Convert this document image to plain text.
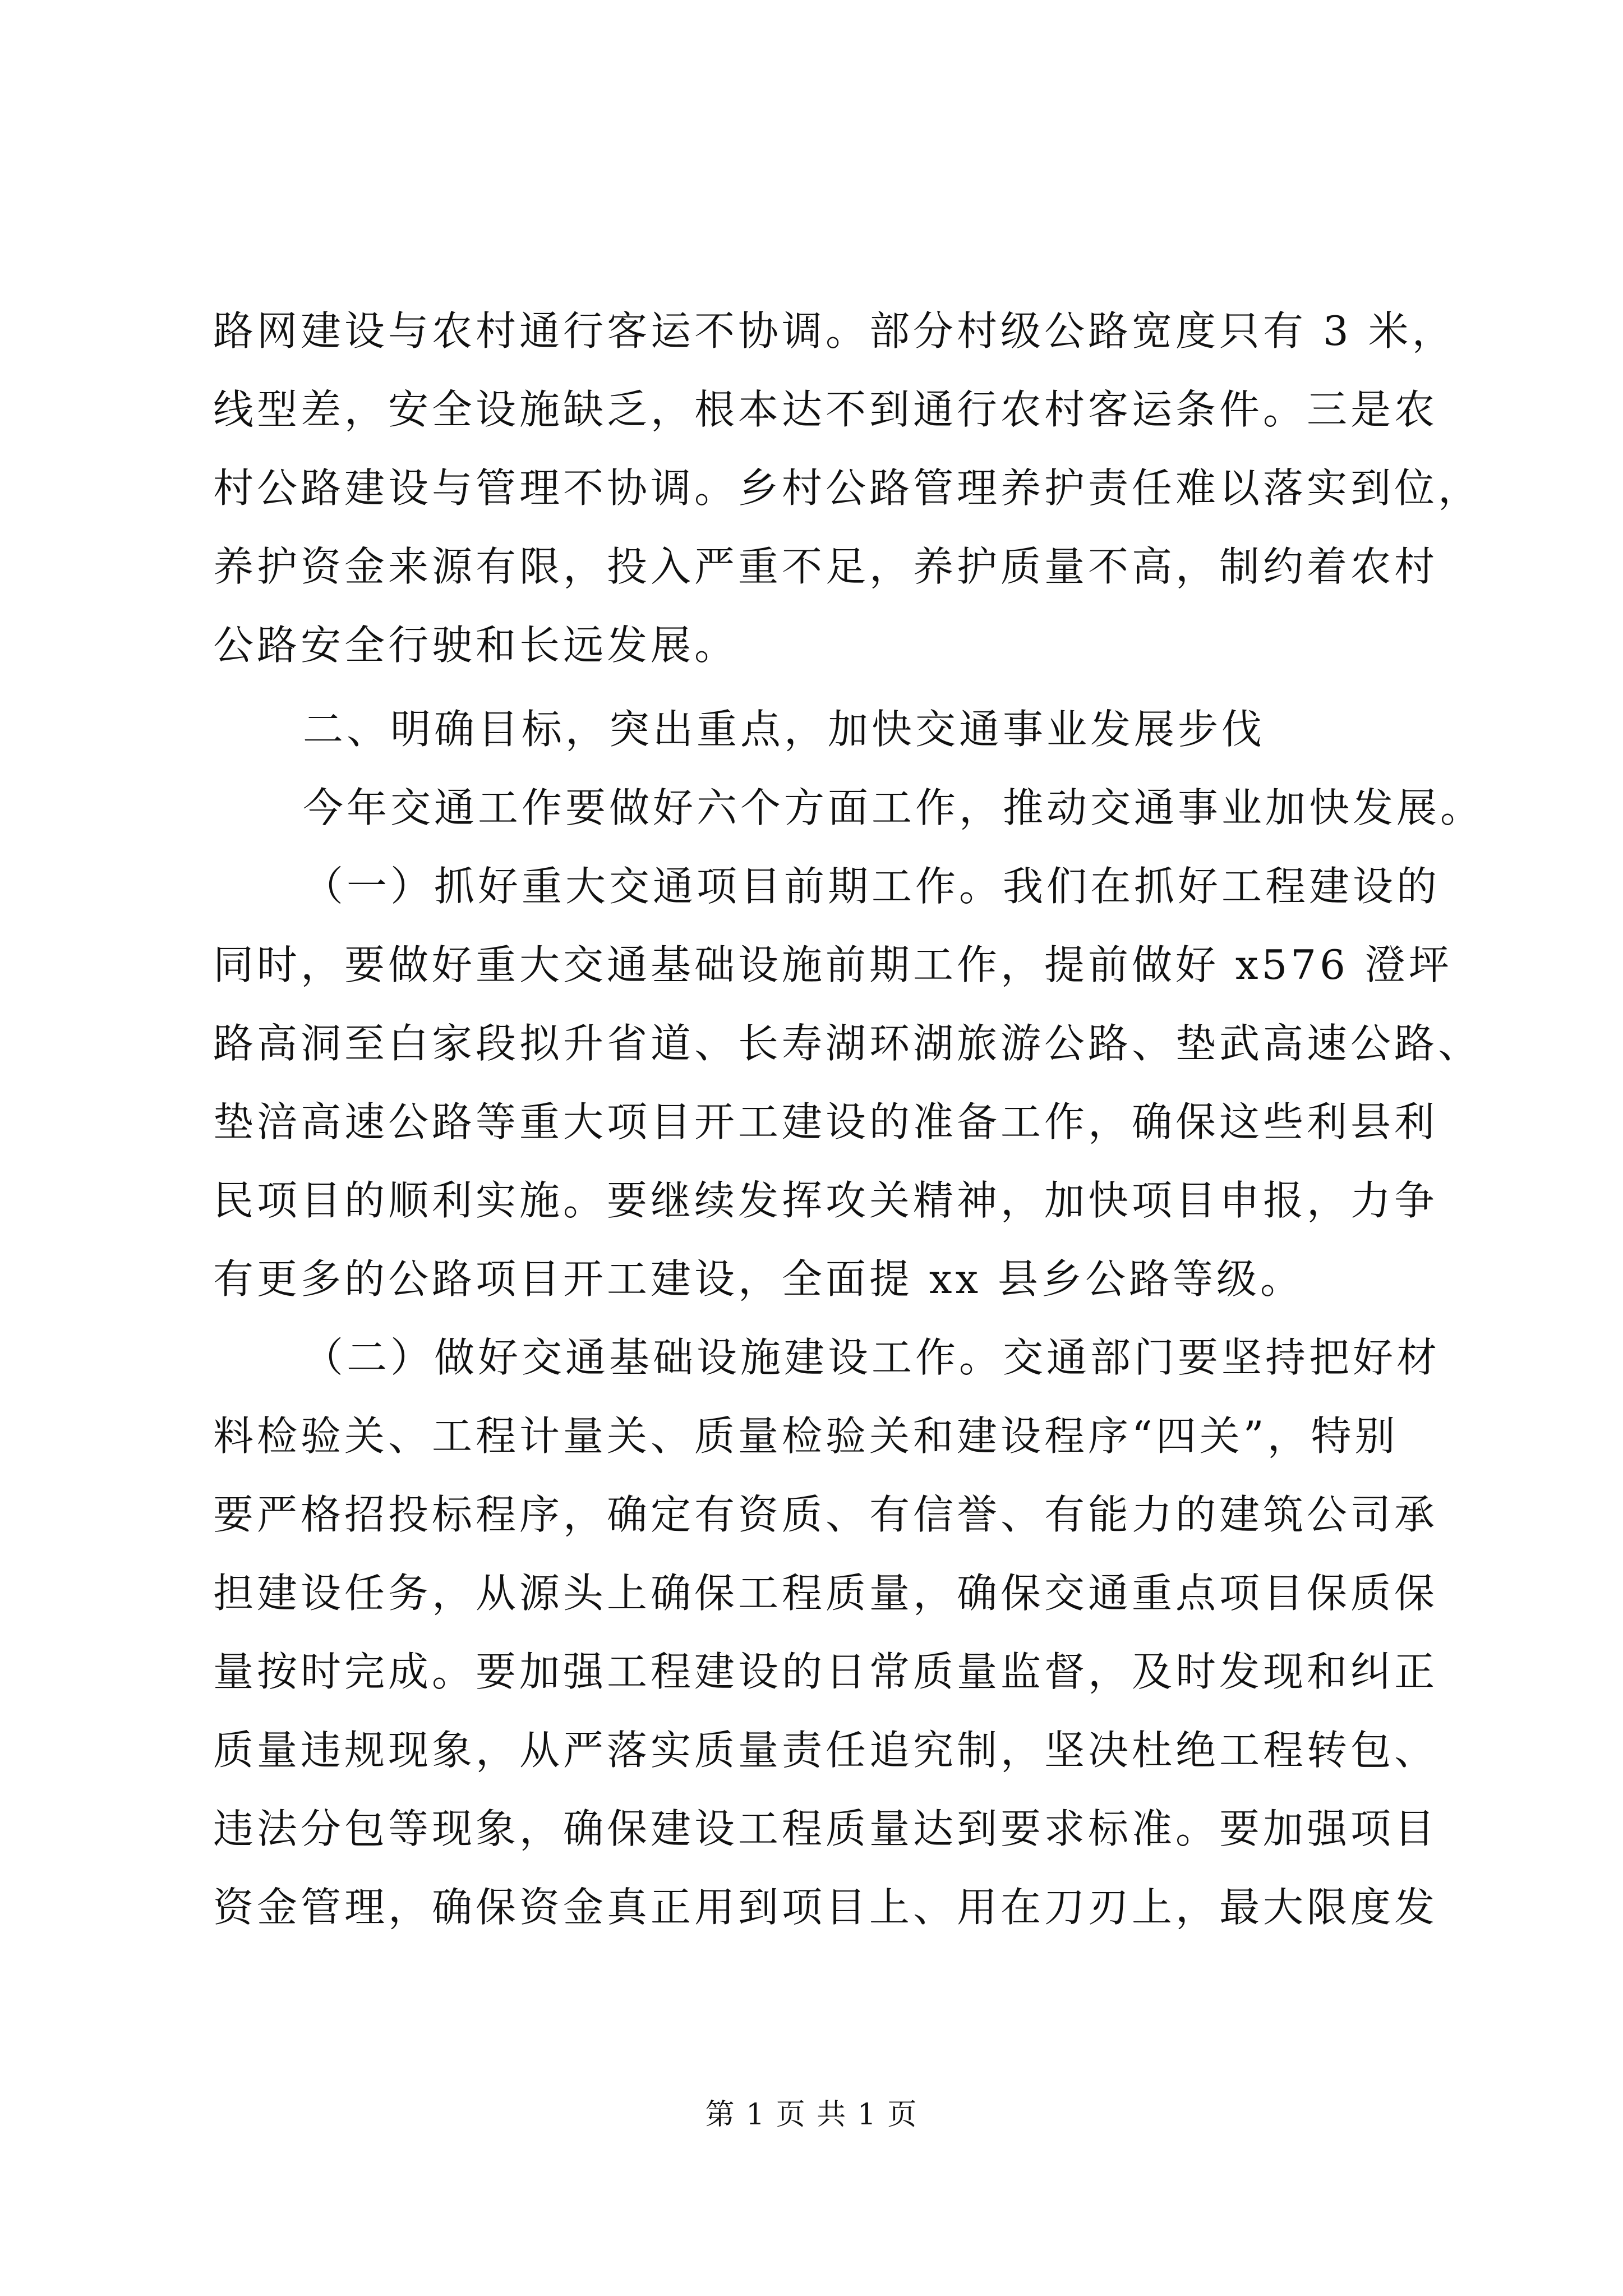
路网建设与农村通行客运不协调。部分村级公路宽度只有 3 米，
线型差，安全设施缺乏，根本达不到通行农村客运条件。三是农
村公路建设与管理不协调。乡村公路管理养护责任难以落实到位，
养护资金来源有限，投入严重不足，养护质量不高，制约着农村
公路安全行驶和长远发展。
二、明确目标，突出重点，加快交通事业发展步伐
今年交通工作要做好六个方面工作，推动交通事业加快发展。
（一）抓好重大交通项目前期工作。我们在抓好工程建设的
同时，要做好重大交通基础设施前期工作，提前做好 x576 澄坪
路高洞至白家段拟升省道、长寿湖环湖旅游公路、垫武高速公路、
垫涪高速公路等重大项目开工建设的准备工作，确保这些利县利
民项目的顺利实施。要继续发挥攻关精神，加快项目申报，力争
有更多的公路项目开工建设，全面提 xx 县乡公路等级。
（二）做好交通基础设施建设工作。交通部门要坚持把好材
料检验关、工程计量关、质量检验关和建设程序“四关”，特别
要严格招投标程序，确定有资质、有信誉、有能力的建筑公司承
担建设任务，从源头上确保工程质量，确保交通重点项目保质保
量按时完成。要加强工程建设的日常质量监督，及时发现和纠正
质量违规现象，从严落实质量责任追究制，坚决杜绝工程转包、
违法分包等现象，确保建设工程质量达到要求标准。要加强项目
资金管理，确保资金真正用到项目上、用在刀刃上，最大限度发
第 1 页 共 1 页
